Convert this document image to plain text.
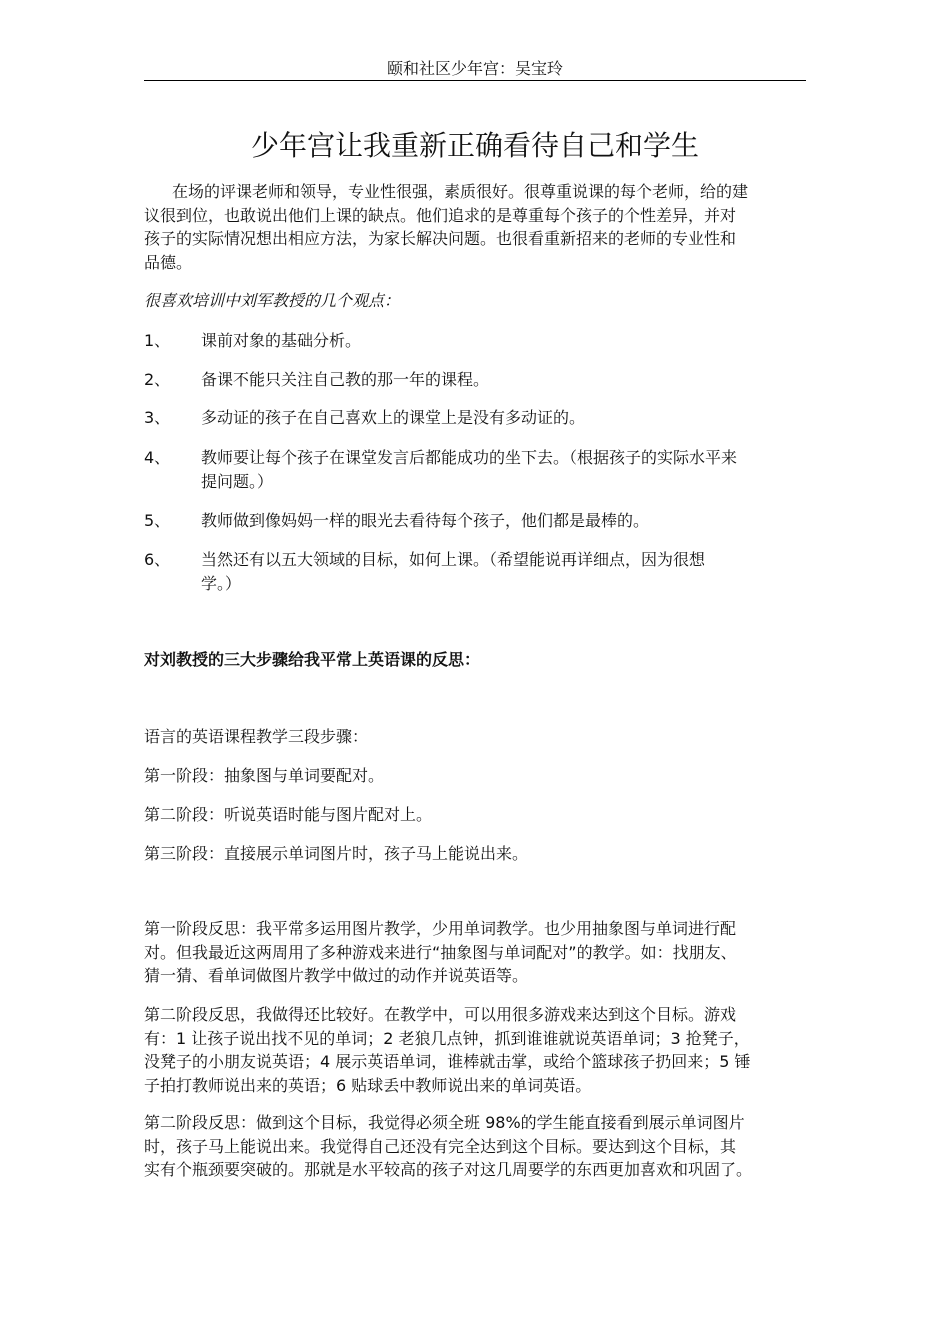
颐和社区少年宫：吴宝玲
少年宫让我重新正确看待自己和学生
在场的评课老师和领导，专业性很强，素质很好。很尊重说课的每个老师，给的建
议很到位，也敢说出他们上课的缺点。他们追求的是尊重每个孩子的个性差异，并对
孩子的实际情况想出相应方法，为家长解决问题。也很看重新招来的老师的专业性和
品德。
很喜欢培训中刘军教授的几个观点：
1、	课前对象的基础分析。
2、	备课不能只关注自己教的那一年的课程。
3、	多动证的孩子在自己喜欢上的课堂上是没有多动证的。
4、	教师要让每个孩子在课堂发言后都能成功的坐下去。（根据孩子的实际水平来
提问题。）
5、	教师做到像妈妈一样的眼光去看待每个孩子，他们都是最棒的。
6、	当然还有以五大领域的目标，如何上课。（希望能说再详细点，因为很想
学。）
对刘教授的三大步骤给我平常上英语课的反思：
语言的英语课程教学三段步骤：
第一阶段：抽象图与单词要配对。
第二阶段：听说英语时能与图片配对上。
第三阶段：直接展示单词图片时，孩子马上能说出来。
第一阶段反思：我平常多运用图片教学，少用单词教学。也少用抽象图与单词进行配
对。但我最近这两周用了多种游戏来进行“抽象图与单词配对”的教学。如：找朋友、
猜一猜、看单词做图片教学中做过的动作并说英语等。
第二阶段反思，我做得还比较好。在教学中，可以用很多游戏来达到这个目标。游戏
有：1 让孩子说出找不见的单词；2 老狼几点钟，抓到谁谁就说英语单词；3 抢凳子，
没凳子的小朋友说英语；4 展示英语单词，谁棒就击掌，或给个篮球孩子扔回来；5 锤
子拍打教师说出来的英语；6 贴球丢中教师说出来的单词英语。
第二阶段反思：做到这个目标，我觉得必须全班 98%的学生能直接看到展示单词图片
时，孩子马上能说出来。我觉得自己还没有完全达到这个目标。要达到这个目标，其
实有个瓶颈要突破的。那就是水平较高的孩子对这几周要学的东西更加喜欢和巩固了。
